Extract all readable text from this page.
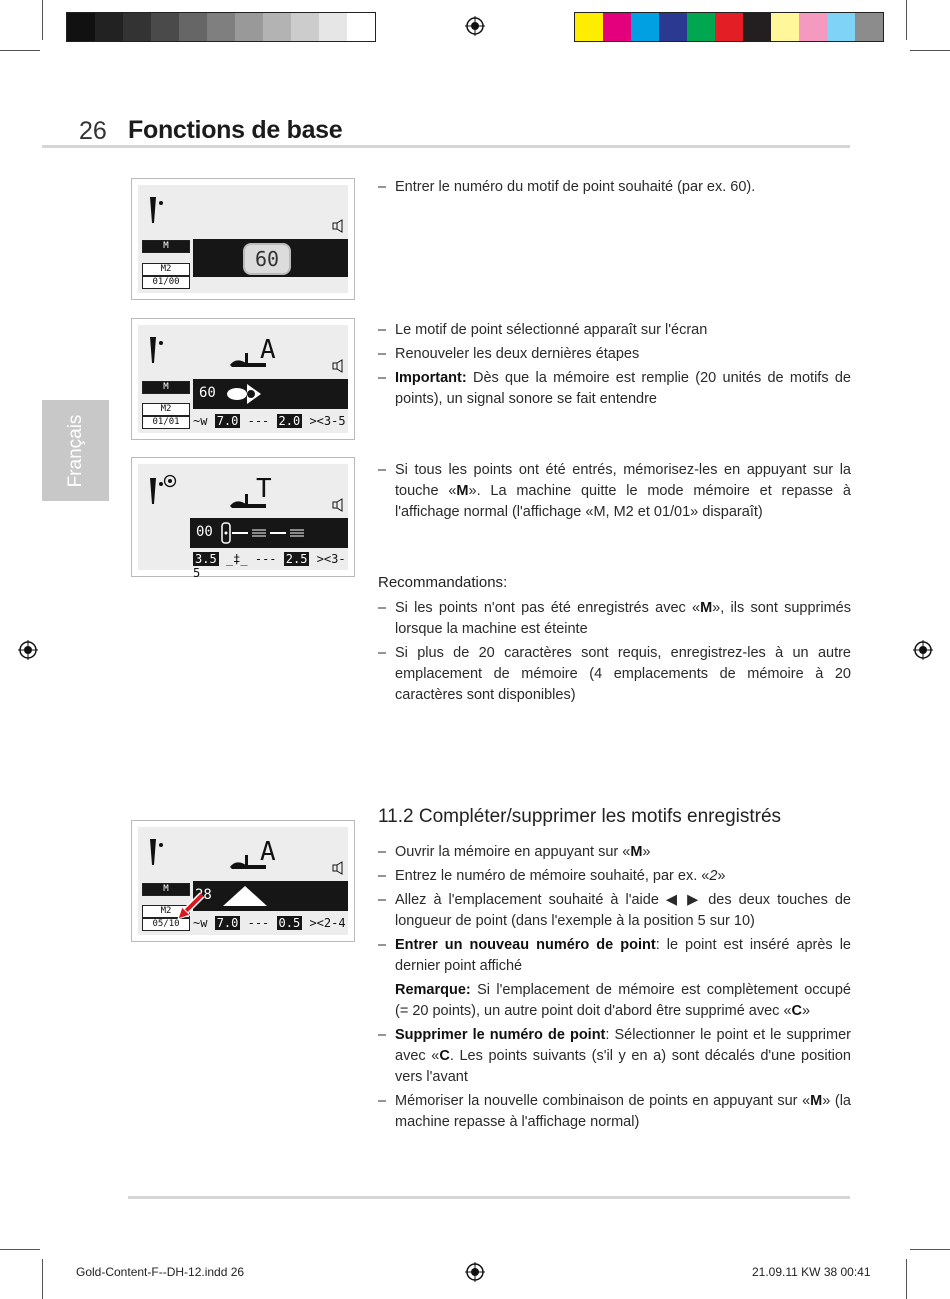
26 Fonctions de base
Français
M
60
M2
01/00
A
M	60
M2
01/01	~w 7.0 --- 2.0 ><3-5
T
00
3.5 _‡_ --- 2.5 ><3-5
A
M	28
M2
05/10	~w 7.0 --- 0.5 ><2-4
– Entrer le numéro du motif de point souhaité (par ex. 60).
– Le motif de point sélectionné apparaît sur l'écran
– Renouveler les deux dernières étapes
– Important: Dès que la mémoire est remplie (20 unités de motifs de points), un signal sonore se fait entendre
– Si tous les points ont été entrés, mémorisez-les en appuyant sur la touche «M». La machine quitte le mode mémoire et repasse à l'affichage normal (l'affichage «M, M2 et 01/01» disparaît)
Recommandations:
– Si les points n'ont pas été enregistrés avec «M», ils sont supprimés lorsque la machine est éteinte
– Si plus de 20 caractères sont requis, enregistrez-les à un autre emplacement de mémoire (4 emplacements de mémoire à 20 caractères sont disponibles)
11.2 Compléter/supprimer les motifs enregistrés
– Ouvrir la mémoire en appuyant sur «M»
– Entrez le numéro de mémoire souhaité, par ex. «2»
– Allez à l'emplacement souhaité à l'aide ◀ ▶ des deux touches de longueur de point (dans l'exemple à la position 5 sur 10)
– Entrer un nouveau numéro de point: le point est inséré après le dernier point affiché
Remarque: Si l'emplacement de mémoire est complètement occupé (= 20 points), un autre point doit d'abord être supprimé avec «C»
– Supprimer le numéro de point: Sélectionner le point et le supprimer avec «C. Les points suivants (s'il y en a) sont décalés d'une position vers l'avant
– Mémoriser la nouvelle combinaison de points en appuyant sur «M» (la machine repasse à l'affichage normal)
Gold-Content-F--DH-12.indd 26	21.09.11 KW 38 00:41
